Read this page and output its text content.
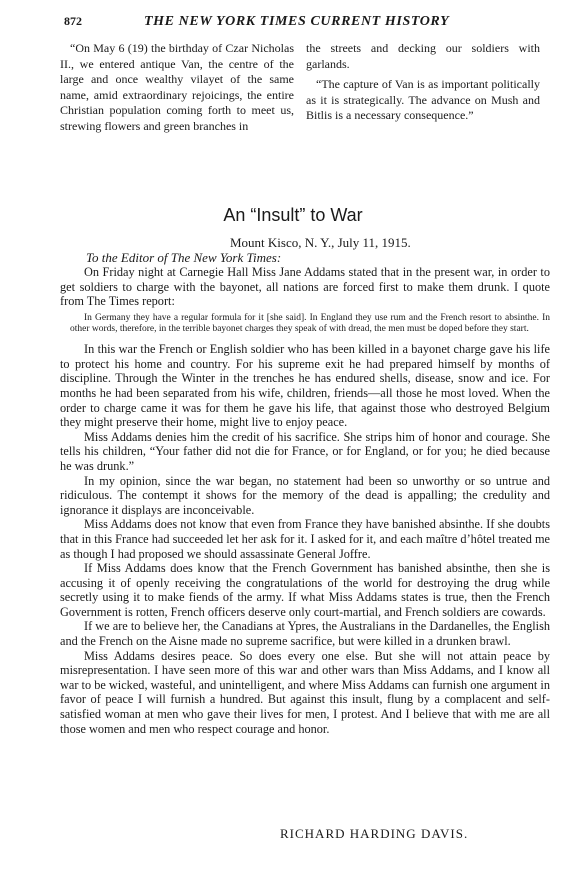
872	THE NEW YORK TIMES CURRENT HISTORY

“On May 6 (19) the birthday of Czar Nicholas II., we entered antique Van, the centre of the large and once wealthy vilayet of the same name, amid extraordinary rejoicings, the entire Christian population coming forth to meet us, strewing flowers and green branches in

the streets and decking our soldiers with garlands.

“The capture of Van is as important politically as it is strategically. The advance on Mush and Bitlis is a necessary consequence.”

An “Insult” to War
Mount Kisco, N. Y., July 11, 1915.
To the Editor of The New York Times:

On Friday night at Carnegie Hall Miss Jane Addams stated that in the present war, in order to get soldiers to charge with the bayonet, all nations are forced first to make them drunk. I quote from The Times report:

In Germany they have a regular formula for it [she said]. In England they use rum and the French resort to absinthe. In other words, therefore, in the terrible bayonet charges they speak of with dread, the men must be doped before they start.

In this war the French or English soldier who has been killed in a bayonet charge gave his life to protect his home and country. For his supreme exit he had prepared himself by months of discipline. Through the Winter in the trenches he has endured shells, disease, snow and ice. For months he had been separated from his wife, children, friends—all those he most loved. When the order to charge came it was for them he gave his life, that against those who destroyed Belgium they might preserve their home, might live to enjoy peace.

Miss Addams denies him the credit of his sacrifice. She strips him of honor and courage. She tells his children, “Your father did not die for France, or for England, or for you; he died because he was drunk.”

In my opinion, since the war began, no statement had been so unworthy or so untrue and ridiculous. The contempt it shows for the memory of the dead is appalling; the credulity and ignorance it displays are inconceivable.

Miss Addams does not know that even from France they have banished absinthe. If she doubts that in this France had succeeded let her ask for it. I asked for it, and each maître d’hôtel treated me as though I had proposed we should assassinate General Joffre.

If Miss Addams does know that the French Government has banished absinthe, then she is accusing it of openly receiving the congratulations of the world for destroying the drug while secretly using it to make fiends of the army. If what Miss Addams states is true, then the French Government is rotten, French officers deserve only court-martial, and French soldiers are cowards.

If we are to believe her, the Canadians at Ypres, the Australians in the Dardanelles, the English and the French on the Aisne made no supreme sacrifice, but were killed in a drunken brawl.

Miss Addams desires peace. So does every one else. But she will not attain peace by misrepresentation. I have seen more of this war and other wars than Miss Addams, and I know all war to be wicked, wasteful, and unintelligent, and where Miss Addams can furnish one argument in favor of peace I will furnish a hundred. But against this insult, flung by a complacent and self-satisfied woman at men who gave their lives for men, I protest. And I believe that with me are all those women and men who respect courage and honor.

RICHARD HARDING DAVIS.
